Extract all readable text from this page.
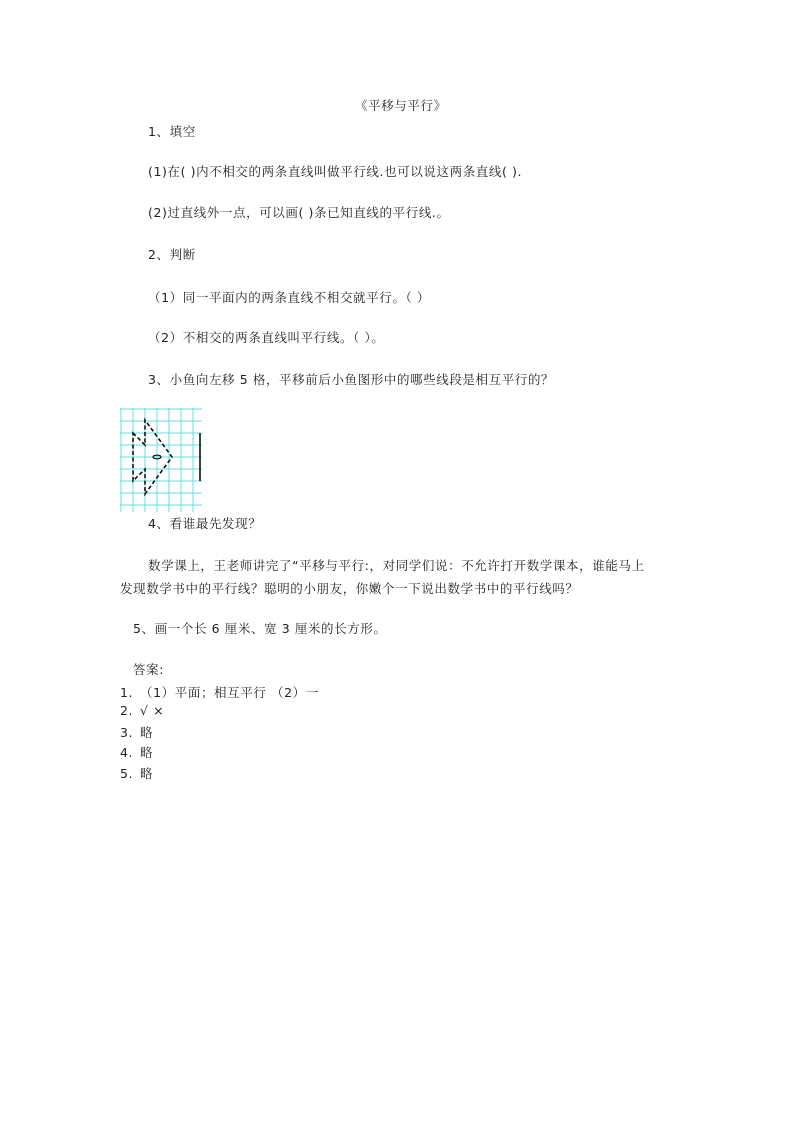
《平移与平行》
1、填空
(1)在( )内不相交的两条直线叫做平行线.也可以说这两条直线( ).
(2)过直线外一点，可以画( )条已知直线的平行线.。
2、判断
（1）同一平面内的两条直线不相交就平行。（ ）
（2）不相交的两条直线叫平行线。（ ）。
3、小鱼向左移 5 格，平移前后小鱼图形中的哪些线段是相互平行的？
4、看谁最先发现？
数学课上，王老师讲完了“平移与平行:，对同学们说：不允许打开数学课本，谁能马上
发现数学书中的平行线？聪明的小朋友，你嫩个一下说出数学书中的平行线吗？
5、画一个长 6 厘米、宽 3 厘米的长方形。
答案:
1. （1）平面；相互平行 （2）一
2. √ ×
3. 略
4. 略
5. 略
